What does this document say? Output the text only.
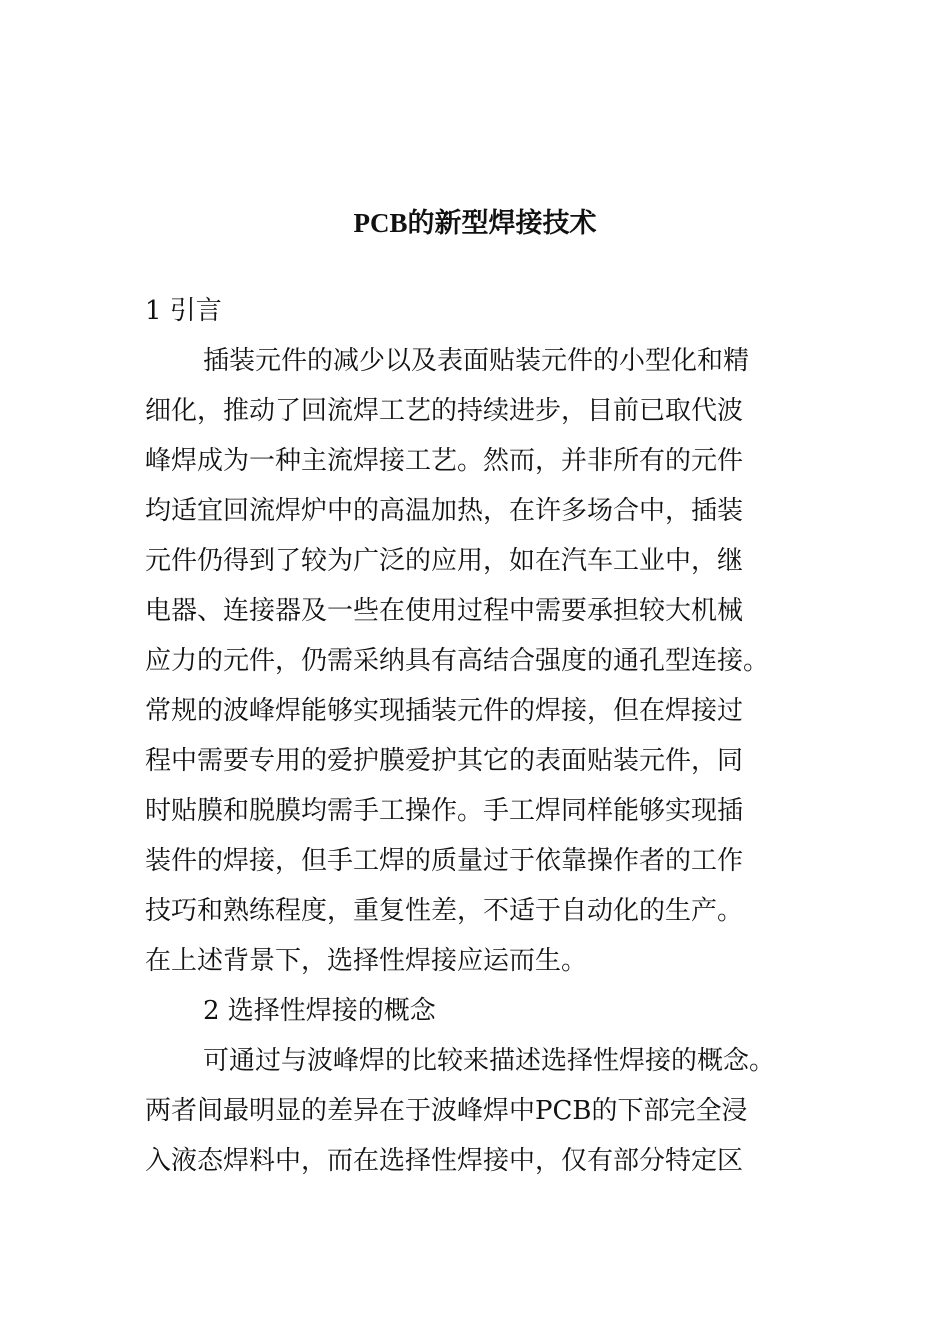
PCB的新型焊接技术
1 引言
插装元件的减少以及表面贴装元件的小型化和精
细化，推动了回流焊工艺的持续进步，目前已取代波
峰焊成为一种主流焊接工艺。然而，并非所有的元件
均适宜回流焊炉中的高温加热，在许多场合中，插装
元件仍得到了较为广泛的应用，如在汽车工业中，继
电器、连接器及一些在使用过程中需要承担较大机械
应力的元件，仍需采纳具有高结合强度的通孔型连接。
常规的波峰焊能够实现插装元件的焊接，但在焊接过
程中需要专用的爱护膜爱护其它的表面贴装元件，同
时贴膜和脱膜均需手工操作。手工焊同样能够实现插
装件的焊接，但手工焊的质量过于依靠操作者的工作
技巧和熟练程度，重复性差，不适于自动化的生产。
在上述背景下，选择性焊接应运而生。
2 选择性焊接的概念
可通过与波峰焊的比较来描述选择性焊接的概念。
两者间最明显的差异在于波峰焊中PCB的下部完全浸
入液态焊料中，而在选择性焊接中，仅有部分特定区
